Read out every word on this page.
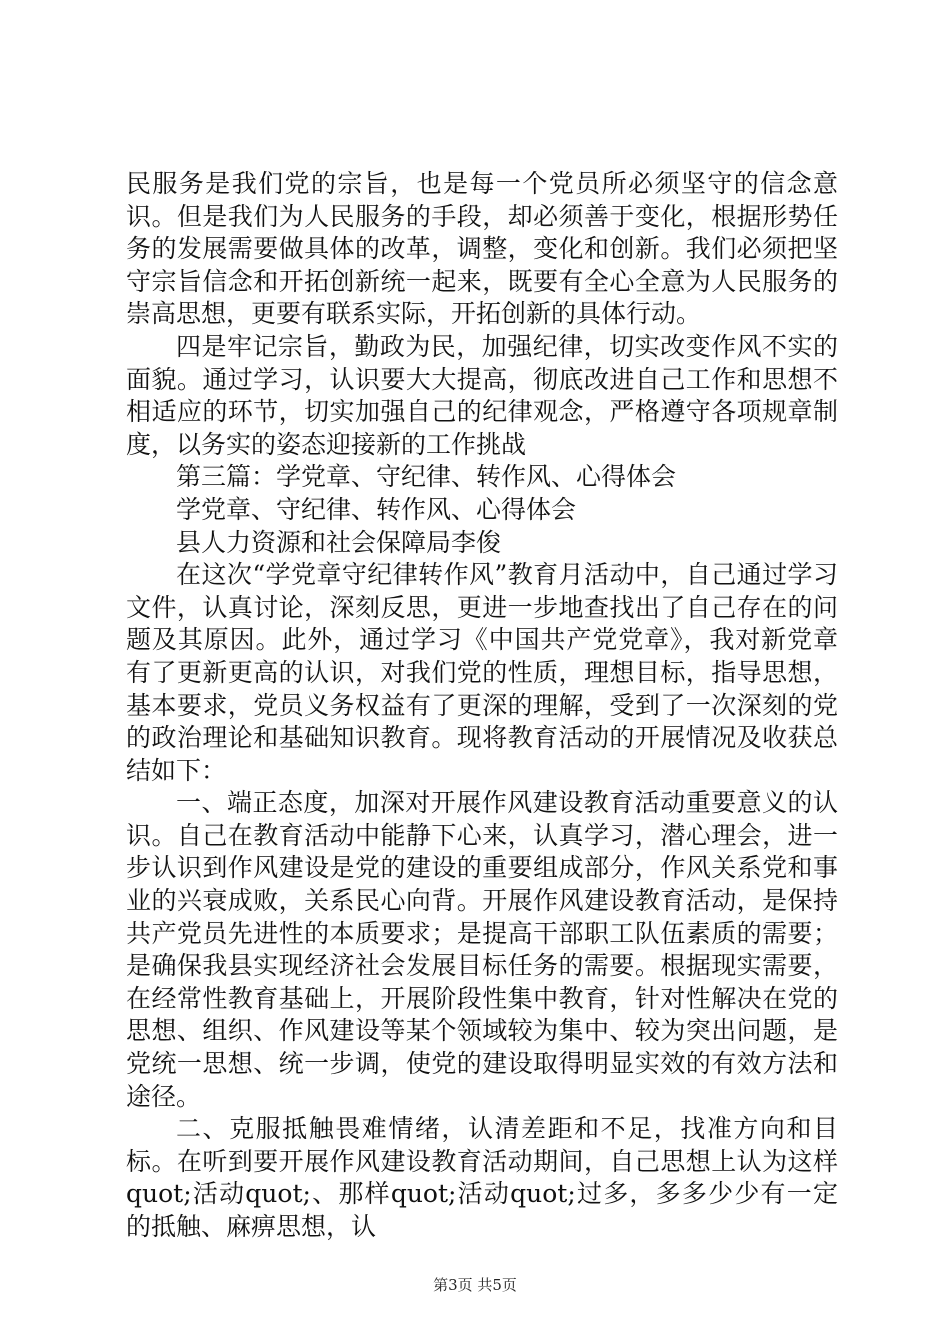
民服务是我们党的宗旨，也是每一个党员所必须坚守的信念意识。但是我们为人民服务的手段，却必须善于变化，根据形势任务的发展需要做具体的改革，调整，变化和创新。我们必须把坚守宗旨信念和开拓创新统一起来，既要有全心全意为人民服务的崇高思想，更要有联系实际，开拓创新的具体行动。

四是牢记宗旨，勤政为民，加强纪律，切实改变作风不实的面貌。通过学习，认识要大大提高，彻底改进自己工作和思想不相适应的环节，切实加强自己的纪律观念，严格遵守各项规章制度，以务实的姿态迎接新的工作挑战

第三篇：学党章、守纪律、转作风、心得体会

学党章、守纪律、转作风、心得体会

县人力资源和社会保障局李俊

在这次“学党章守纪律转作风”教育月活动中，自己通过学习文件，认真讨论，深刻反思，更进一步地查找出了自己存在的问题及其原因。此外，通过学习《中国共产党党章》，我对新党章有了更新更高的认识，对我们党的性质，理想目标，指导思想，基本要求，党员义务权益有了更深的理解，受到了一次深刻的党的政治理论和基础知识教育。现将教育活动的开展情况及收获总结如下：

一、端正态度，加深对开展作风建设教育活动重要意义的认识。自己在教育活动中能静下心来，认真学习，潜心理会，进一步认识到作风建设是党的建设的重要组成部分，作风关系党和事业的兴衰成败，关系民心向背。开展作风建设教育活动，是保持共产党员先进性的本质要求；是提高干部职工队伍素质的需要；是确保我县实现经济社会发展目标任务的需要。根据现实需要，在经常性教育基础上，开展阶段性集中教育，针对性解决在党的思想、组织、作风建设等某个领域较为集中、较为突出问题，是党统一思想、统一步调，使党的建设取得明显实效的有效方法和途径。

二、克服抵触畏难情绪，认清差距和不足，找准方向和目标。在听到要开展作风建设教育活动期间，自己思想上认为这样quot;活动quot;、那样quot;活动quot;过多，多多少少有一定的抵触、麻痹思想，认

第3页 共5页
